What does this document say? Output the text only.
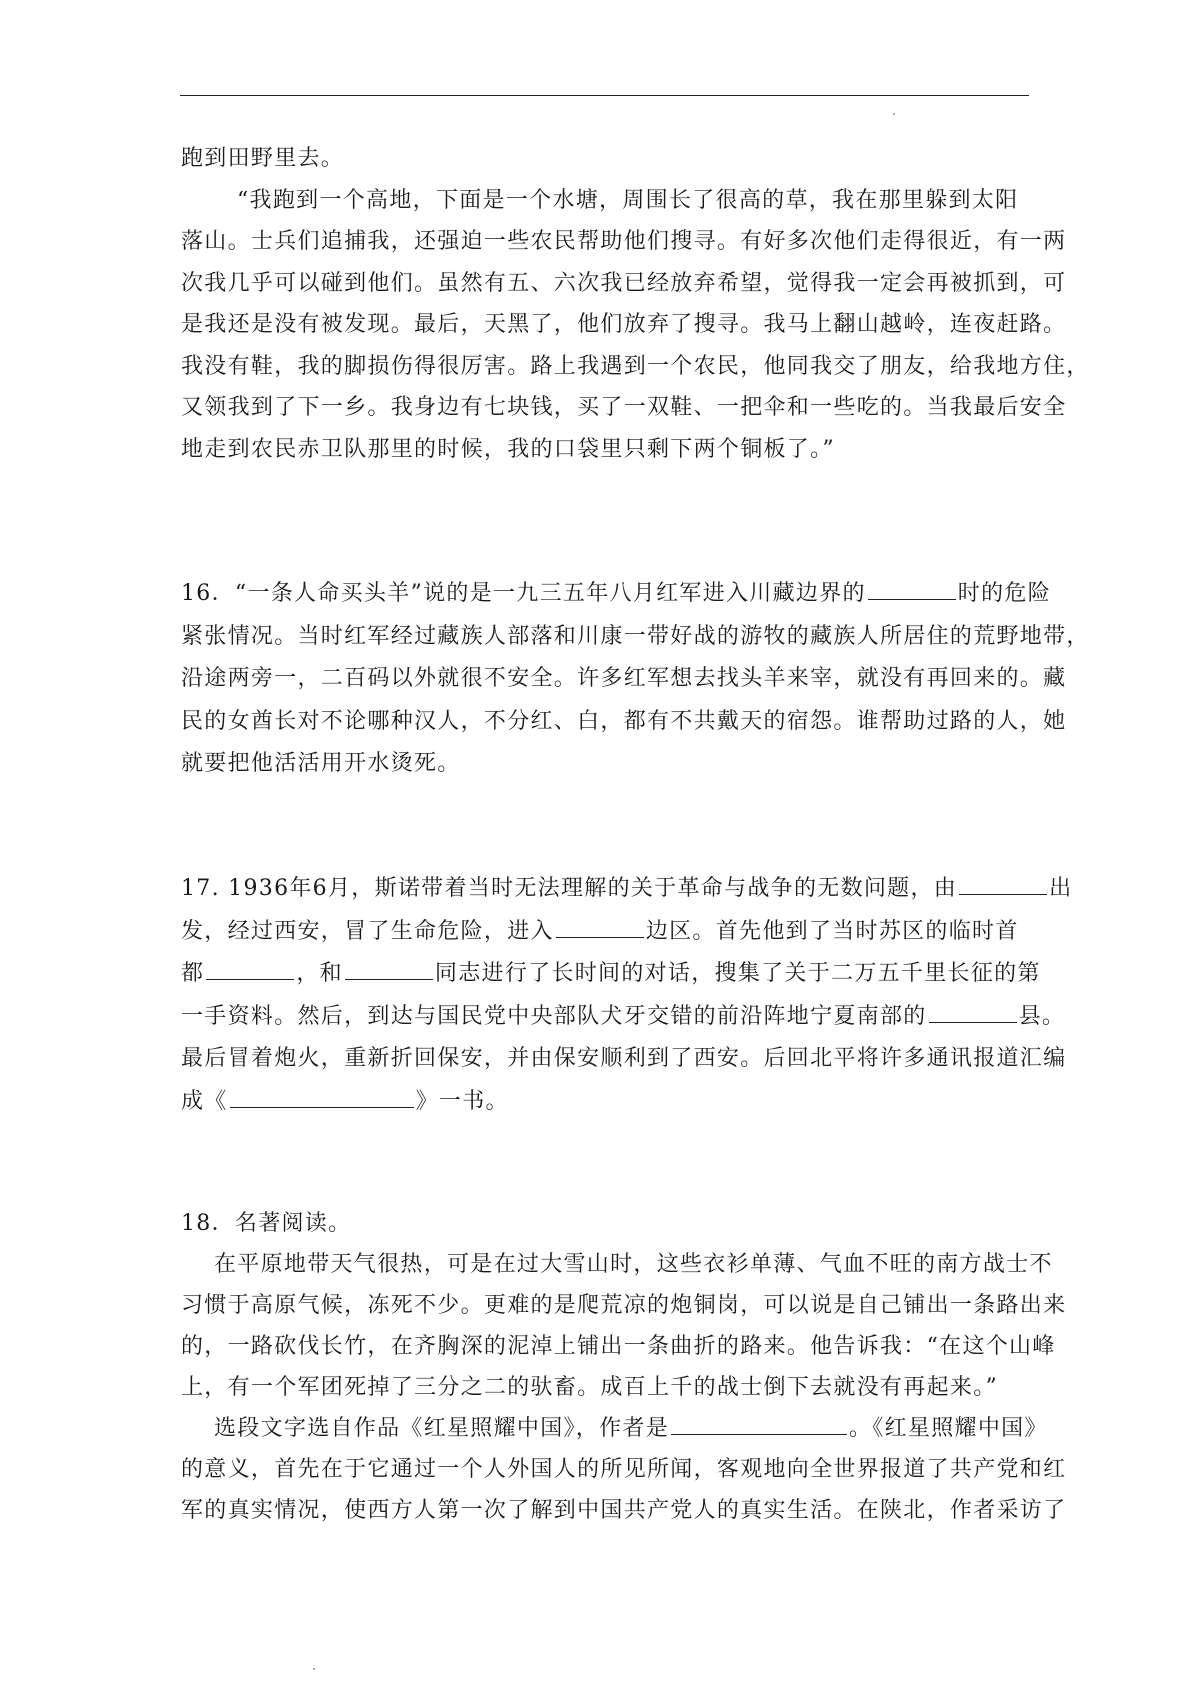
跑到田野里去。
“我跑到一个高地，下面是一个水塘，周围长了很高的草，我在那里躲到太阳
落山。士兵们追捕我，还强迫一些农民帮助他们搜寻。有好多次他们走得很近，有一两
次我几乎可以碰到他们。虽然有五、六次我已经放弃希望，觉得我一定会再被抓到，可
是我还是没有被发现。最后，天黑了，他们放弃了搜寻。我马上翻山越岭，连夜赶路。
我没有鞋，我的脚损伤得很厉害。路上我遇到一个农民，他同我交了朋友，给我地方住，
又领我到了下一乡。我身边有七块钱，买了一双鞋、一把伞和一些吃的。当我最后安全
地走到农民赤卫队那里的时候，我的口袋里只剩下两个铜板了。”
16．“一条人命买头羊”说的是一九三五年八月红军进入川藏边界的	时的危险
紧张情况。当时红军经过藏族人部落和川康一带好战的游牧的藏族人所居住的荒野地带，
沿途两旁一，二百码以外就很不安全。许多红军想去找头羊来宰，就没有再回来的。藏
民的女酋长对不论哪种汉人，不分红、白，都有不共戴天的宿怨。谁帮助过路的人，她
就要把他活活用开水烫死。
17. 1936年6月，斯诺带着当时无法理解的关于革命与战争的无数问题，由	出
发，经过西安，冒了生命危险，进入	边区。首先他到了当时苏区的临时首
都	，和	同志进行了长时间的对话，搜集了关于二万五千里长征的第
一手资料。然后，到达与国民党中央部队犬牙交错的前沿阵地宁夏南部的	县。
最后冒着炮火，重新折回保安，并由保安顺利到了西安。后回北平将许多通讯报道汇编
成《	》一书。
18．名著阅读。
在平原地带天气很热，可是在过大雪山时，这些衣衫单薄、气血不旺的南方战士不
习惯于高原气候，冻死不少。更难的是爬荒凉的炮铜岗，可以说是自己铺出一条路出来
的，一路砍伐长竹，在齐胸深的泥淖上铺出一条曲折的路来。他告诉我：“在这个山峰
上，有一个军团死掉了三分之二的驮畜。成百上千的战士倒下去就没有再起来。”
选段文字选自作品《红星照耀中国》，作者是	。《红星照耀中国》
的意义，首先在于它通过一个人外国人的所见所闻，客观地向全世界报道了共产党和红
军的真实情况，使西方人第一次了解到中国共产党人的真实生活。在陕北，作者采访了
